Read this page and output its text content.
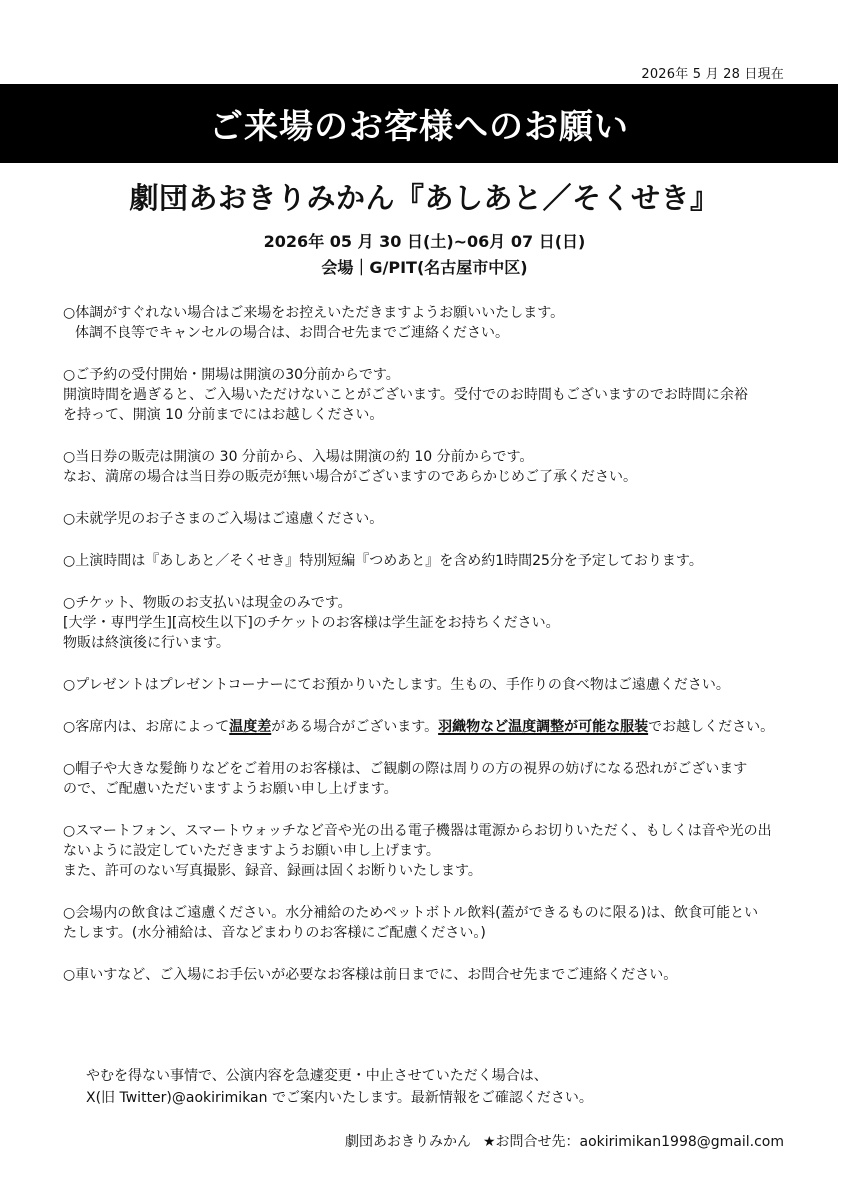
2026年 5 月 28 日現在
ご来場のお客様へのお願い
劇団あおきりみかん『あしあと／そくせき』
2026年 05 月 30 日(土)~06月 07 日(日)
会場｜G/PIT(名古屋市中区)
○体調がすぐれない場合はご来場をお控えいただきますようお願いいたします。
体調不良等でキャンセルの場合は、お問合せ先までご連絡ください。
○ご予約の受付開始・開場は開演の30分前からです。
開演時間を過ぎると、ご入場いただけないことがございます。受付でのお時間もございますのでお時間に余裕
を持って、開演 10 分前までにはお越しください。
○当日券の販売は開演の 30 分前から、入場は開演の約 10 分前からです。
なお、満席の場合は当日券の販売が無い場合がございますのであらかじめご了承ください。
○未就学児のお子さまのご入場はご遠慮ください。
○上演時間は『あしあと／そくせき』特別短編『つめあと』を含め約1時間25分を予定しております。
○チケット、物販のお支払いは現金のみです。
[大学・専門学生][高校生以下]のチケットのお客様は学生証をお持ちください。
物販は終演後に行います。
○プレゼントはプレゼントコーナーにてお預かりいたします。生もの、手作りの食べ物はご遠慮ください。
○客席内は、お席によって温度差がある場合がございます。羽織物など温度調整が可能な服装でお越しください。
○帽子や大きな髪飾りなどをご着用のお客様は、ご観劇の際は周りの方の視界の妨げになる恐れがございます
ので、ご配慮いただいますようお願い申し上げます。
○スマートフォン、スマートウォッチなど音や光の出る電子機器は電源からお切りいただく、もしくは音や光の出
ないように設定していただきますようお願い申し上げます。
また、許可のない写真撮影、録音、録画は固くお断りいたします。
○会場内の飲食はご遠慮ください。水分補給のためペットボトル飲料(蓋ができるものに限る)は、飲食可能とい
たします。(水分補給は、音などまわりのお客様にご配慮ください。)
○車いすなど、ご入場にお手伝いが必要なお客様は前日までに、お問合せ先までご連絡ください。
やむを得ない事情で、公演内容を急遽変更・中止させていただく場合は、
X(旧 Twitter)@aokirimikan でご案内いたします。最新情報をご確認ください。
劇団あおきりみかん ★お問合せ先：aokirimikan1998@gmail.com
